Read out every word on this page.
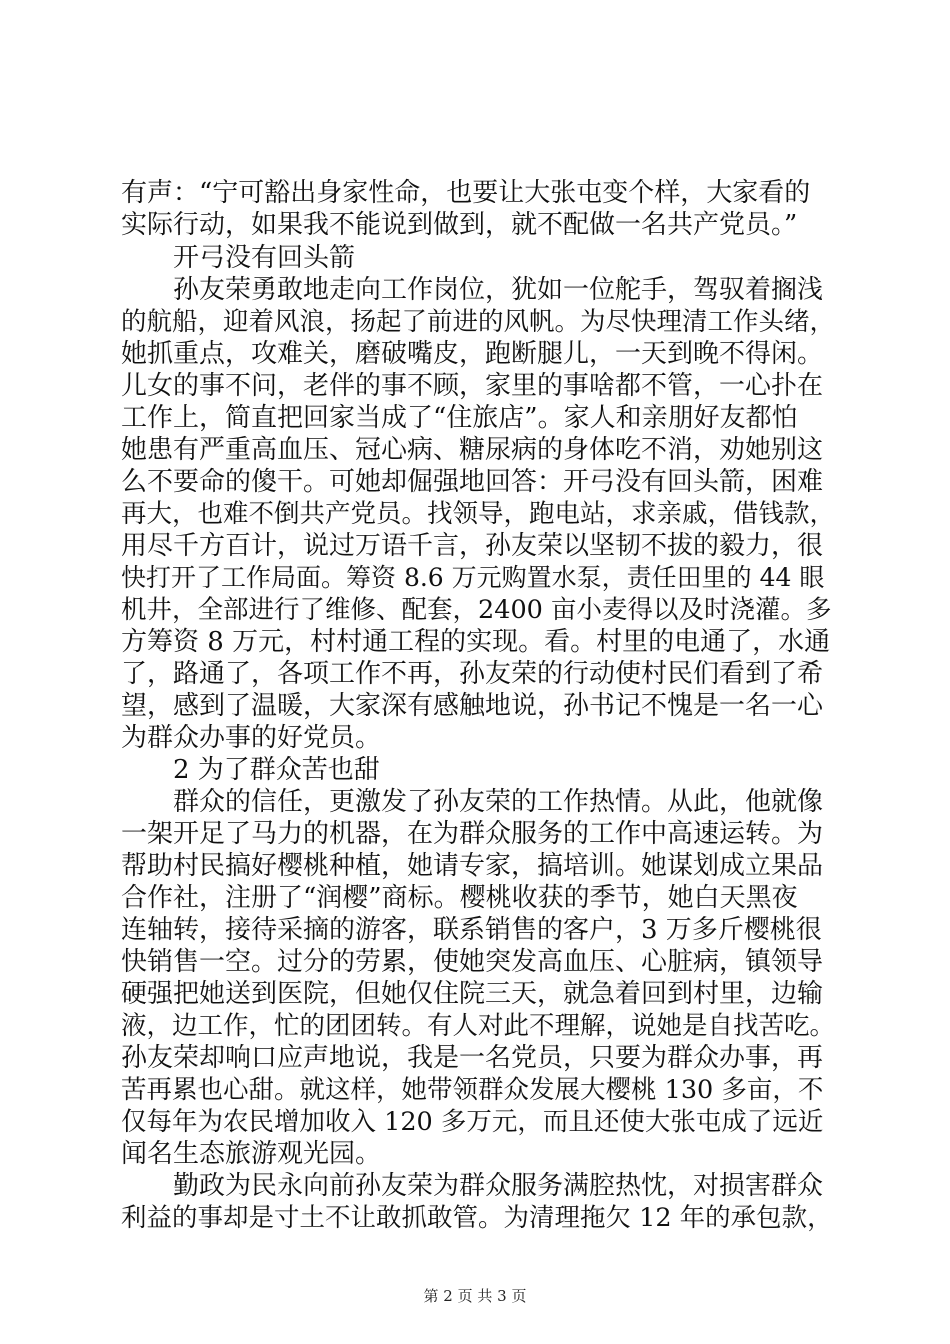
有声：“宁可豁出身家性命，也要让大张屯变个样，大家看的
实际行动，如果我不能说到做到，就不配做一名共产党员。”
　　开弓没有回头箭
　　孙友荣勇敢地走向工作岗位，犹如一位舵手，驾驭着搁浅
的航船，迎着风浪，扬起了前进的风帆。为尽快理清工作头绪，
她抓重点，攻难关，磨破嘴皮，跑断腿儿，一天到晚不得闲。
儿女的事不问，老伴的事不顾，家里的事啥都不管，一心扑在
工作上，简直把回家当成了“住旅店”。家人和亲朋好友都怕
她患有严重高血压、冠心病、糖尿病的身体吃不消，劝她别这
么不要命的傻干。可她却倔强地回答：开弓没有回头箭，困难
再大，也难不倒共产党员。找领导，跑电站，求亲戚，借钱款，
用尽千方百计，说过万语千言，孙友荣以坚韧不拔的毅力，很
快打开了工作局面。筹资 8.6 万元购置水泵，责任田里的 44 眼
机井，全部进行了维修、配套，2400 亩小麦得以及时浇灌。多
方筹资 8 万元，村村通工程的实现。看。村里的电通了，水通
了，路通了，各项工作不再，孙友荣的行动使村民们看到了希
望，感到了温暖，大家深有感触地说，孙书记不愧是一名一心
为群众办事的好党员。
　　2 为了群众苦也甜
　　群众的信任，更激发了孙友荣的工作热情。从此，他就像
一架开足了马力的机器，在为群众服务的工作中高速运转。为
帮助村民搞好樱桃种植，她请专家，搞培训。她谋划成立果品
合作社，注册了“润樱”商标。樱桃收获的季节，她白天黑夜
连轴转，接待采摘的游客，联系销售的客户，3 万多斤樱桃很
快销售一空。过分的劳累，使她突发高血压、心脏病，镇领导
硬强把她送到医院，但她仅住院三天，就急着回到村里，边输
液，边工作，忙的团团转。有人对此不理解，说她是自找苦吃。
孙友荣却响口应声地说，我是一名党员，只要为群众办事，再
苦再累也心甜。就这样，她带领群众发展大樱桃 130 多亩，不
仅每年为农民增加收入 120 多万元，而且还使大张屯成了远近
闻名生态旅游观光园。
　　勤政为民永向前孙友荣为群众服务满腔热忱，对损害群众
利益的事却是寸土不让敢抓敢管。为清理拖欠 12 年的承包款，
第 2 页 共 3 页
